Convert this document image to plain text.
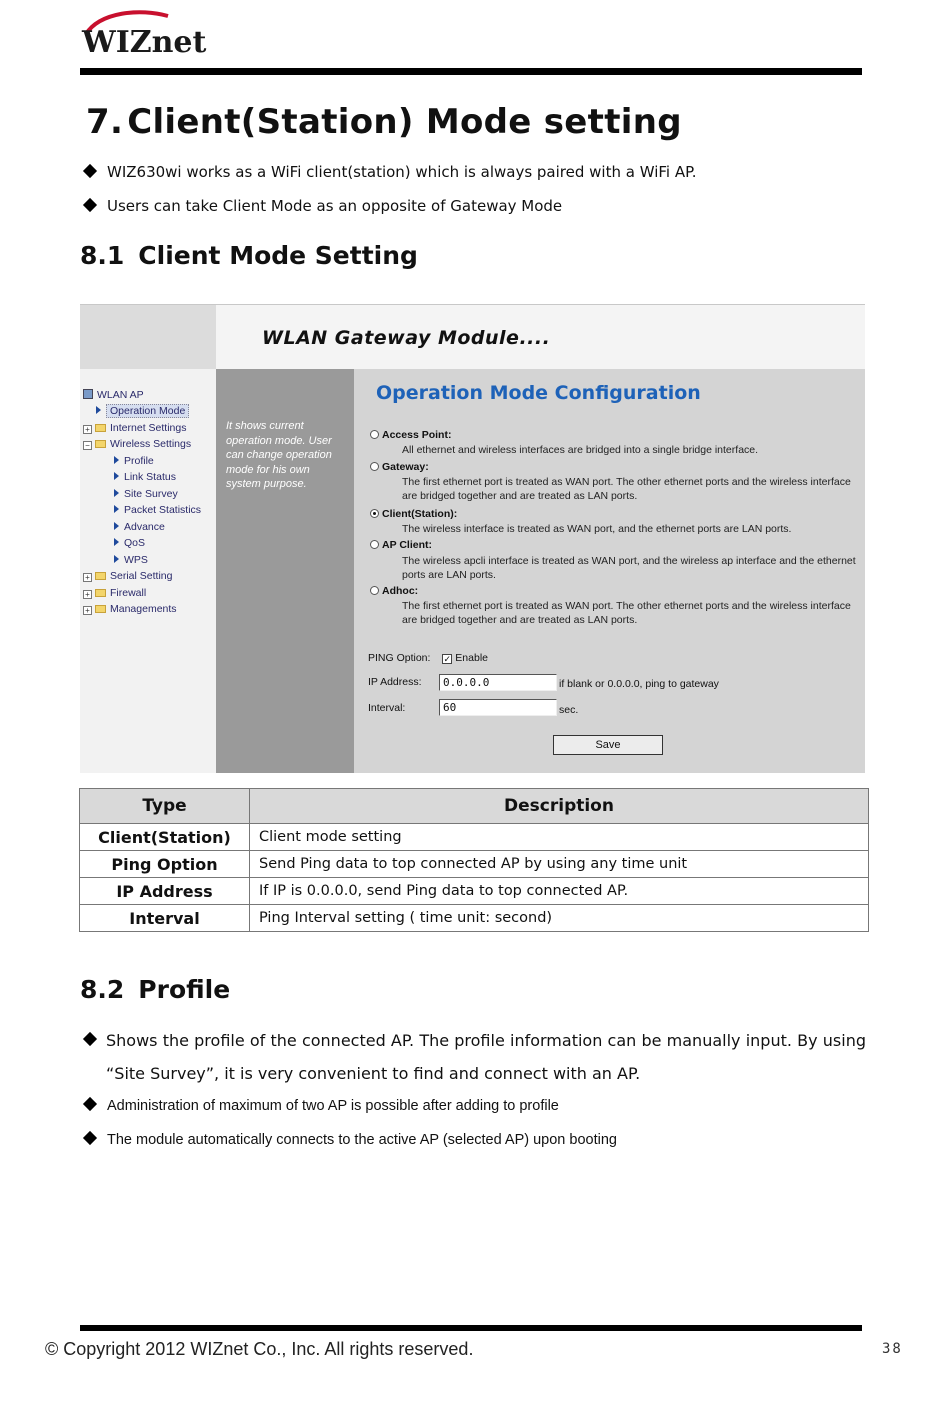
WIZnet
7. Client(Station) Mode setting
WIZ630wi works as a WiFi client(station) which is always paired with a WiFi AP.
Users can take Client Mode as an opposite of Gateway Mode
8.1 Client Mode Setting
WLAN Gateway Module....
WLAN AP
Operation Mode
+ Internet Settings
− Wireless Settings
Profile
Link Status
Site Survey
Packet Statistics
Advance
QoS
WPS
+ Serial Setting
+ Firewall
+ Managements
It shows current operation mode. User can change operation mode for his own system purpose.
Operation Mode Configuration
Access Point:
All ethernet and wireless interfaces are bridged into a single bridge interface.
Gateway:
The first ethernet port is treated as WAN port. The other ethernet ports and the wireless interface are bridged together and are treated as LAN ports.
Client(Station):
The wireless interface is treated as WAN port, and the ethernet ports are LAN ports.
AP Client:
The wireless apcli interface is treated as WAN port, and the wireless ap interface and the ethernet ports are LAN ports.
Adhoc:
The first ethernet port is treated as WAN port. The other ethernet ports and the wireless interface are bridged together and are treated as LAN ports.
PING Option: ✓ Enable
IP Address:	0.0.0.0	if blank or 0.0.0.0, ping to gateway
Interval:	60	sec.
Save
Type	Description
Client(Station)	Client mode setting
Ping Option	Send Ping data to top connected AP by using any time unit
IP Address	If IP is 0.0.0.0, send Ping data to top connected AP.
Interval	Ping Interval setting ( time unit: second)
8.2 Profile
Shows the profile of the connected AP. The profile information can be manually input. By using “Site Survey”, it is very convenient to find and connect with an AP.
Administration of maximum of two AP is possible after adding to profile
The module automatically connects to the active AP (selected AP) upon booting
© Copyright 2012 WIZnet Co., Inc. All rights reserved.	38
